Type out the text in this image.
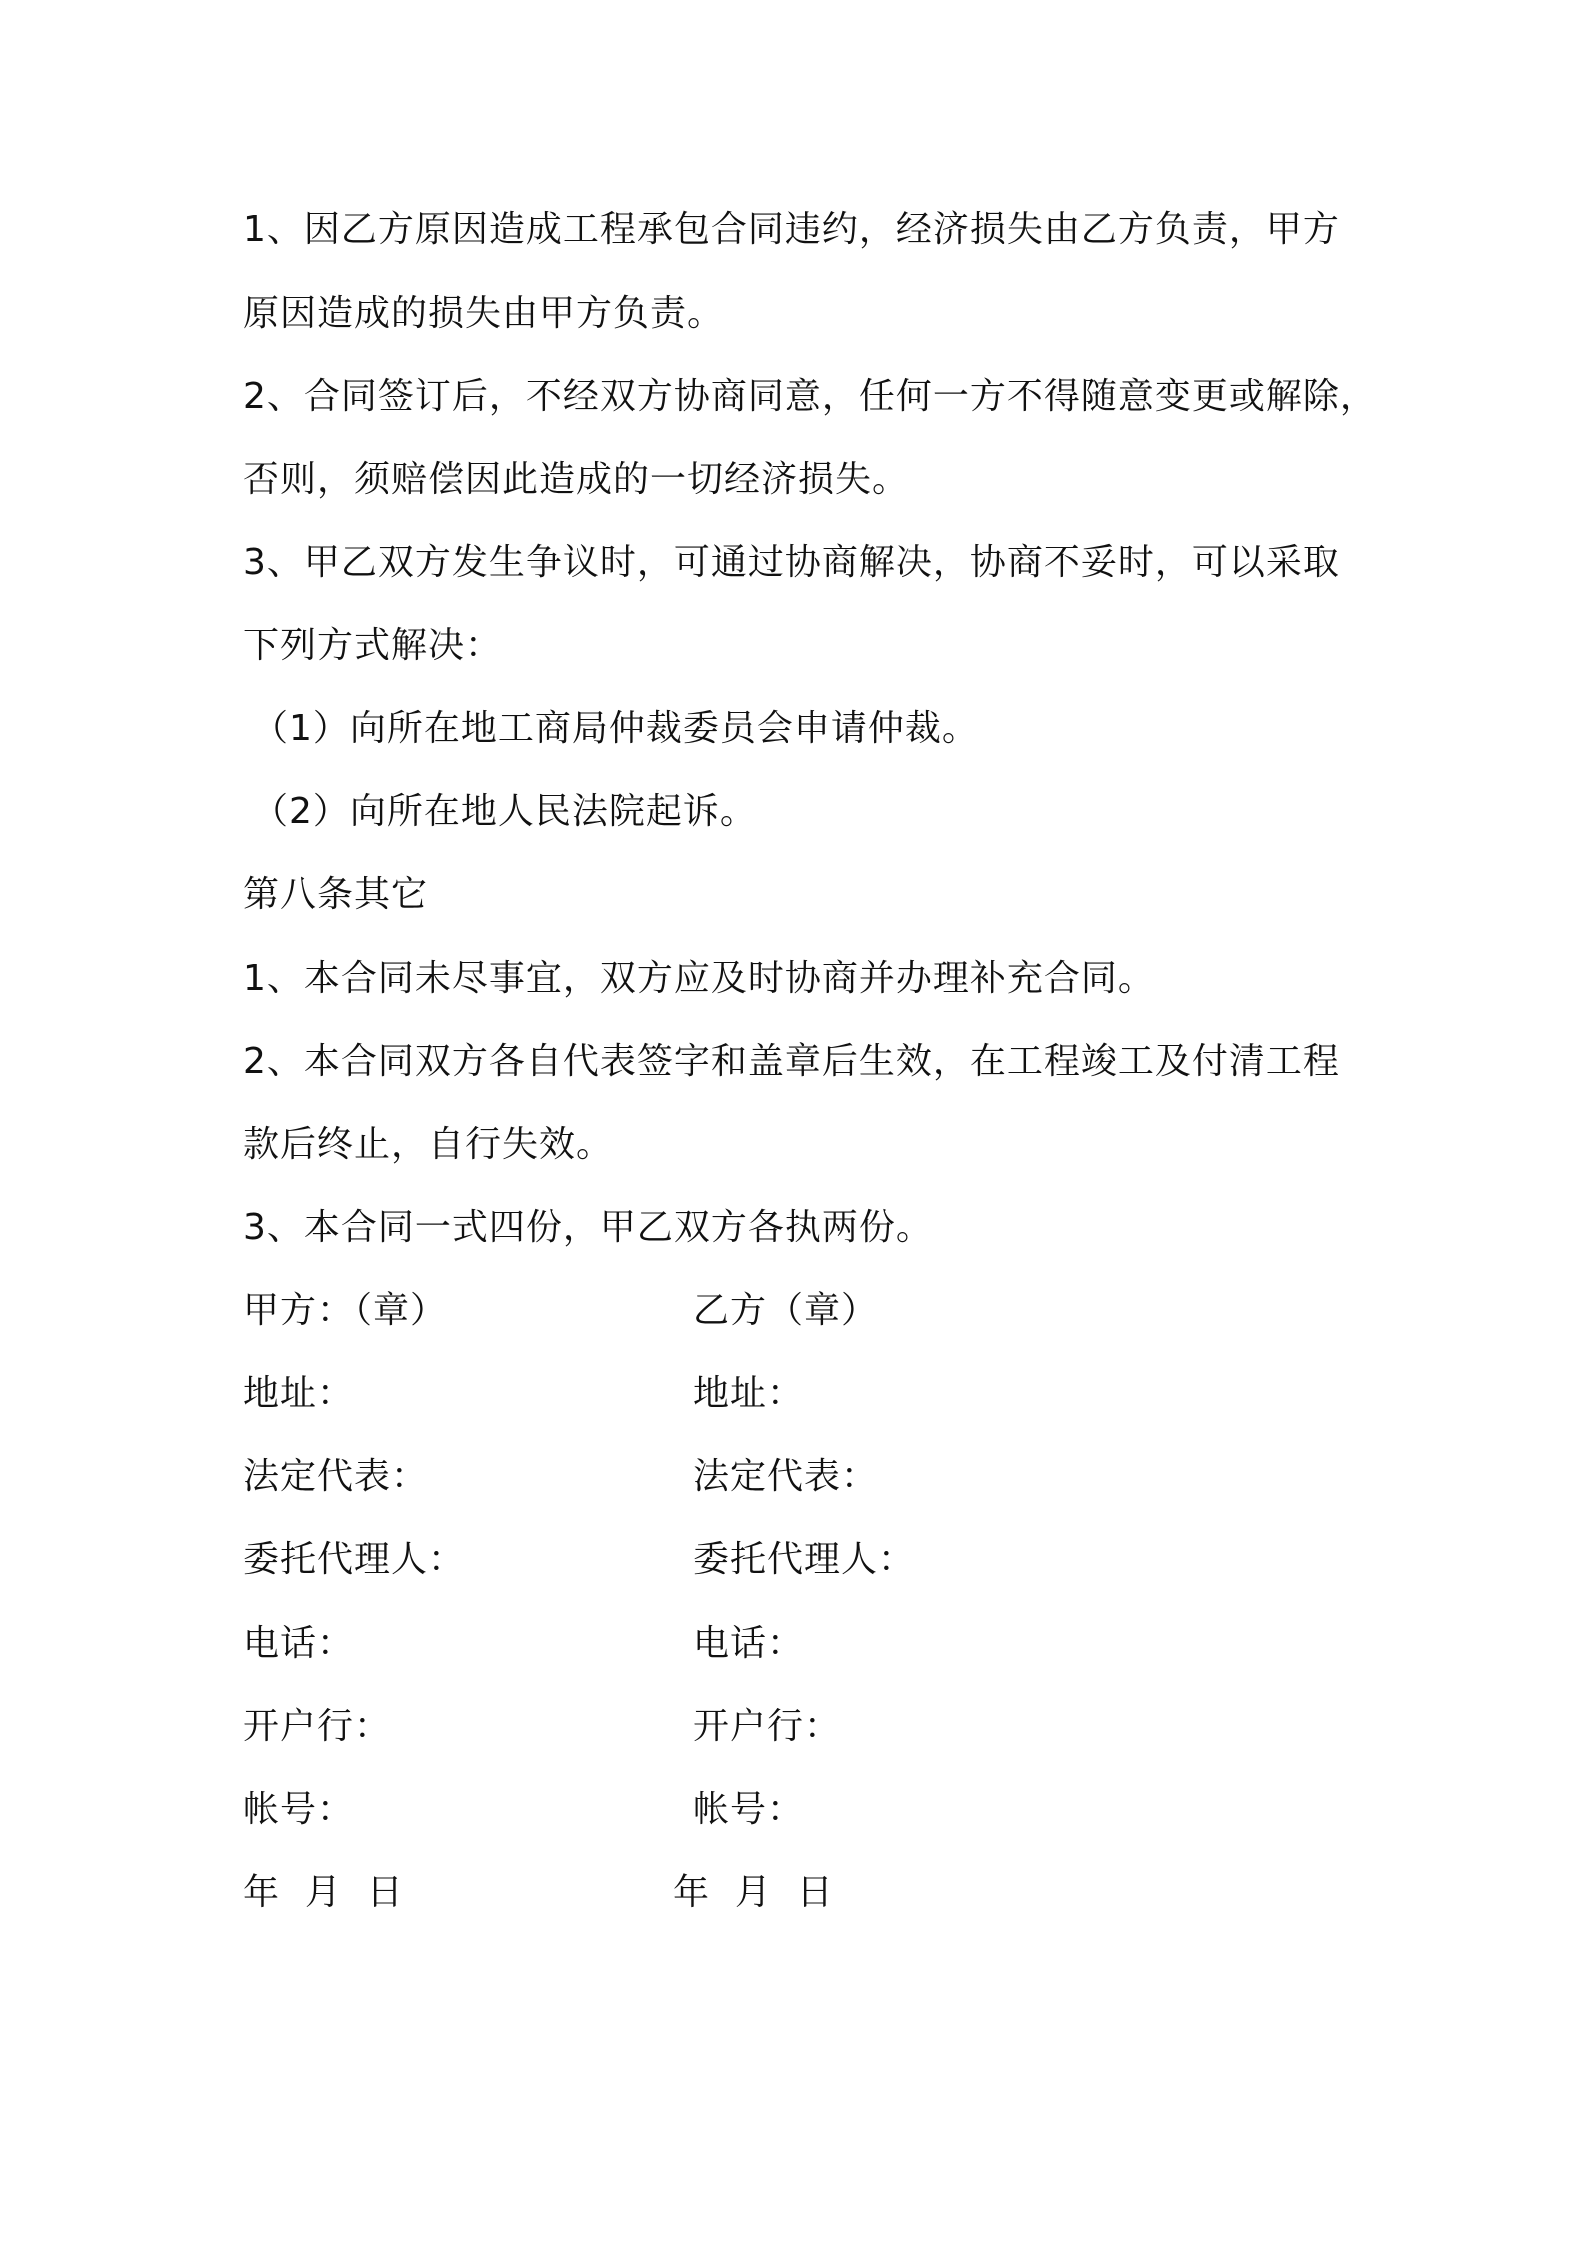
1、因乙方原因造成工程承包合同违约，经济损失由乙方负责，甲方
原因造成的损失由甲方负责。
2、合同签订后，不经双方协商同意，任何一方不得随意变更或解除，
否则，须赔偿因此造成的一切经济损失。
3、甲乙双方发生争议时，可通过协商解决，协商不妥时，可以采取
下列方式解决：
（1）向所在地工商局仲裁委员会申请仲裁。
（2）向所在地人民法院起诉。
第八条其它
1、本合同未尽事宜，双方应及时协商并办理补充合同。
2、本合同双方各自代表签字和盖章后生效，在工程竣工及付清工程
款后终止，自行失效。
3、本合同一式四份，甲乙双方各执两份。
甲方：（章）
地址：
法定代表：
委托代理人：
电话：
开户行：
帐号：
年  月  日
乙方（章）
地址：
法定代表：
委托代理人：
电话：
开户行：
帐号：
年  月  日
